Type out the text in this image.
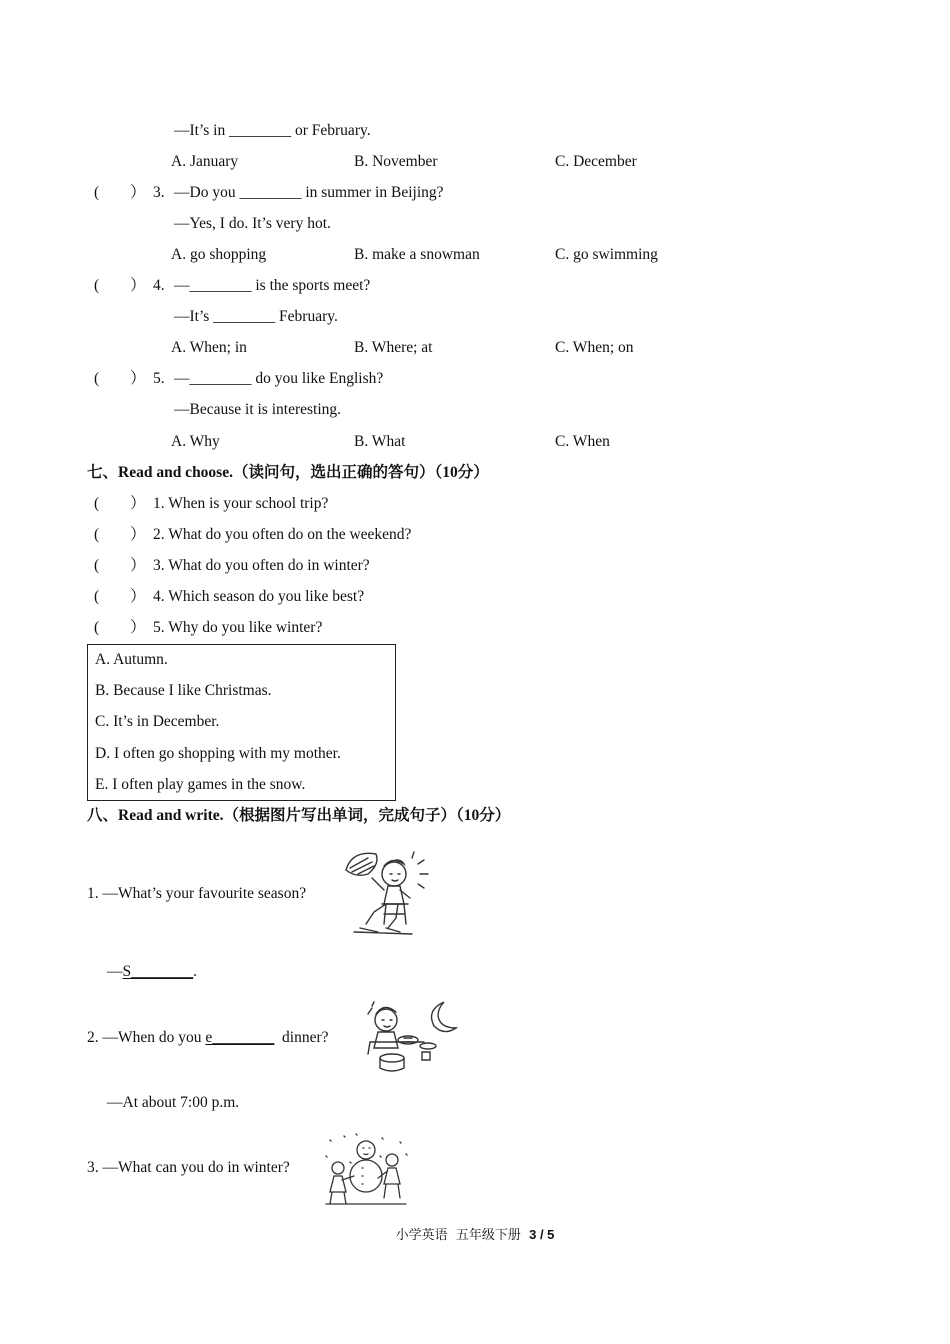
—It’s in ________ or February.
A. January	B. November	C. December
(　　） 3. —Do you ________ in summer in Beijing?
—Yes, I do. It’s very hot.
A. go shopping	B. make a snowman	C. go swimming
(　　） 4. —________ is the sports meet?
—It’s ________ February.
A. When; in	B. Where; at	C. When; on
(　　） 5. —________ do you like English?
—Because it is interesting.
A. Why	B. What	C. When
七、Read and choose.（读问句，选出正确的答句）（10分）
(　　） 1. When is your school trip?
(　　） 2. What do you often do on the weekend?
(　　） 3. What do you often do in winter?
(　　） 4. Which season do you like best?
(　　） 5. Why do you like winter?
A. Autumn.
B. Because I like Christmas.
C. It’s in December.
D. I often go shopping with my mother.
E. I often play games in the snow.
八、Read and write.（根据图片写出单词，完成句子）（10分）
1. —What’s your favourite season?
—S________.
2. —When do you e________  dinner?
—At about 7:00 p.m.
3. —What can you do in winter?
小学英语  五年级下册  3 / 5
